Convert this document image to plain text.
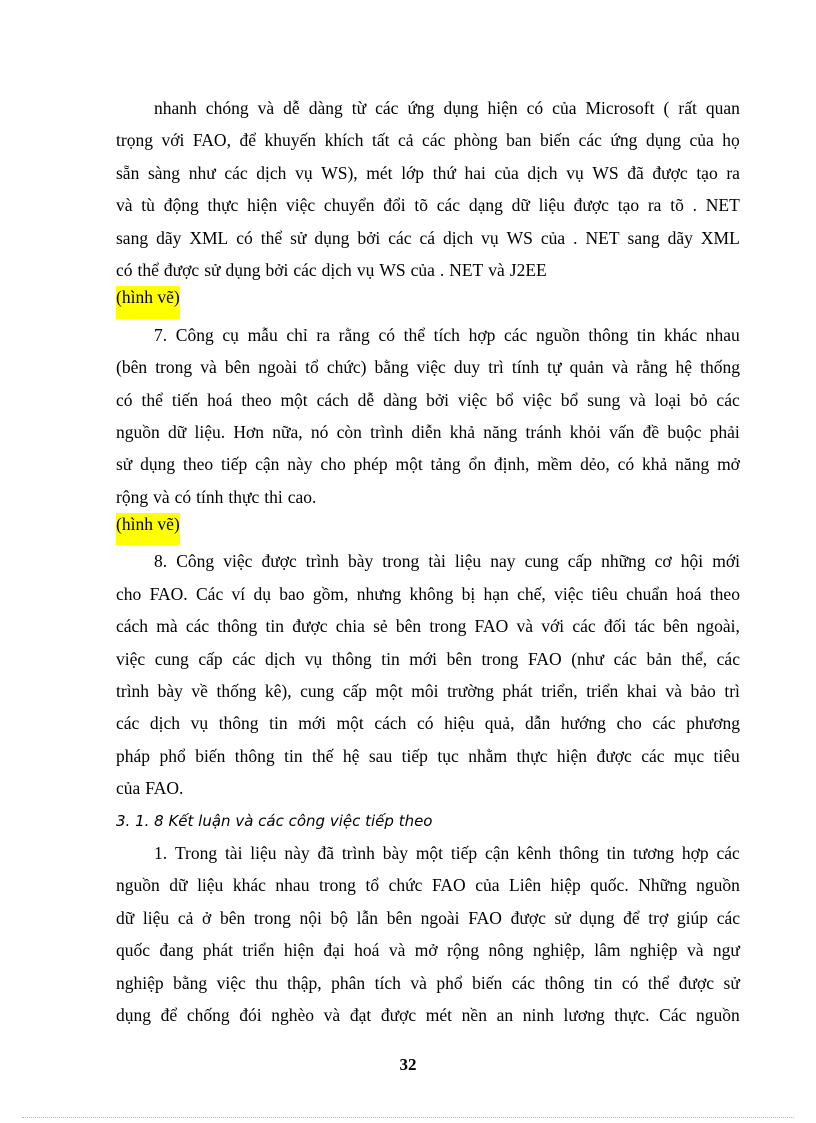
nhanh chóng và dễ dàng từ các ứng dụng hiện có của Microsoft ( rất quan
trọng với FAO, để khuyến khích tất cả các phòng ban biến các ứng dụng của họ
sẵn sàng như các dịch vụ WS), mét lớp thứ hai của dịch vụ WS đã được tạo ra
và tù động thực hiện việc chuyển đổi tõ các dạng dữ liệu được tạo ra tõ . NET
sang dãy XML có thể sử dụng bởi các cá dịch vụ WS của . NET sang dãy XML
có thể được sử dụng bởi các dịch vụ WS của . NET và J2EE
(hình vẽ)
7. Công cụ mẫu chỉ ra rằng có thể tích hợp các nguồn thông tin khác nhau
(bên trong và bên ngoài tổ chức) bằng việc duy trì tính tự quản và rằng hệ thống
có thể tiến hoá theo một cách dễ dàng bởi việc bổ việc bổ sung và loại bỏ các
nguồn dữ liệu. Hơn nữa, nó còn trình diễn khả năng tránh khỏi vấn đề buộc phải
sử dụng theo tiếp cận này cho phép một tảng ổn định, mềm dẻo, có khả năng mở
rộng và có tính thực thi cao.
(hình vẽ)
8. Công việc được trình bày trong tài liệu nay cung cấp những cơ hội mới
cho FAO. Các ví dụ bao gồm, nhưng không bị hạn chế, việc tiêu chuẩn hoá theo
cách mà các thông tin được chia sẻ bên trong FAO và với các đối tác bên ngoài,
việc cung cấp các dịch vụ thông tin mới bên trong FAO (như các bản thể, các
trình bày về thống kê), cung cấp một môi trường phát triển, triển khai và bảo trì
các dịch vụ thông tin mới một cách có hiệu quả, dẫn hướng cho các phương
pháp phổ biến thông tin thế hệ sau tiếp tục nhằm thực hiện được các mục tiêu
của FAO.
3. 1. 8 Kết luận và các công việc tiếp theo
1. Trong tài liệu này đã trình bày một tiếp cận kênh thông tin tương hợp các
nguồn dữ liệu khác nhau trong tổ chức FAO của Liên hiệp quốc. Những nguồn
dữ liệu cả ở bên trong nội bộ lẫn bên ngoài FAO được sử dụng để trợ giúp các
quốc đang phát triển hiện đại hoá và mở rộng nông nghiệp, lâm nghiệp và ngư
nghiệp bằng việc thu thập, phân tích và phổ biến các thông tin có thể được sử
dụng để chống đói nghèo và đạt được mét nền an ninh lương thực. Các nguồn
32
